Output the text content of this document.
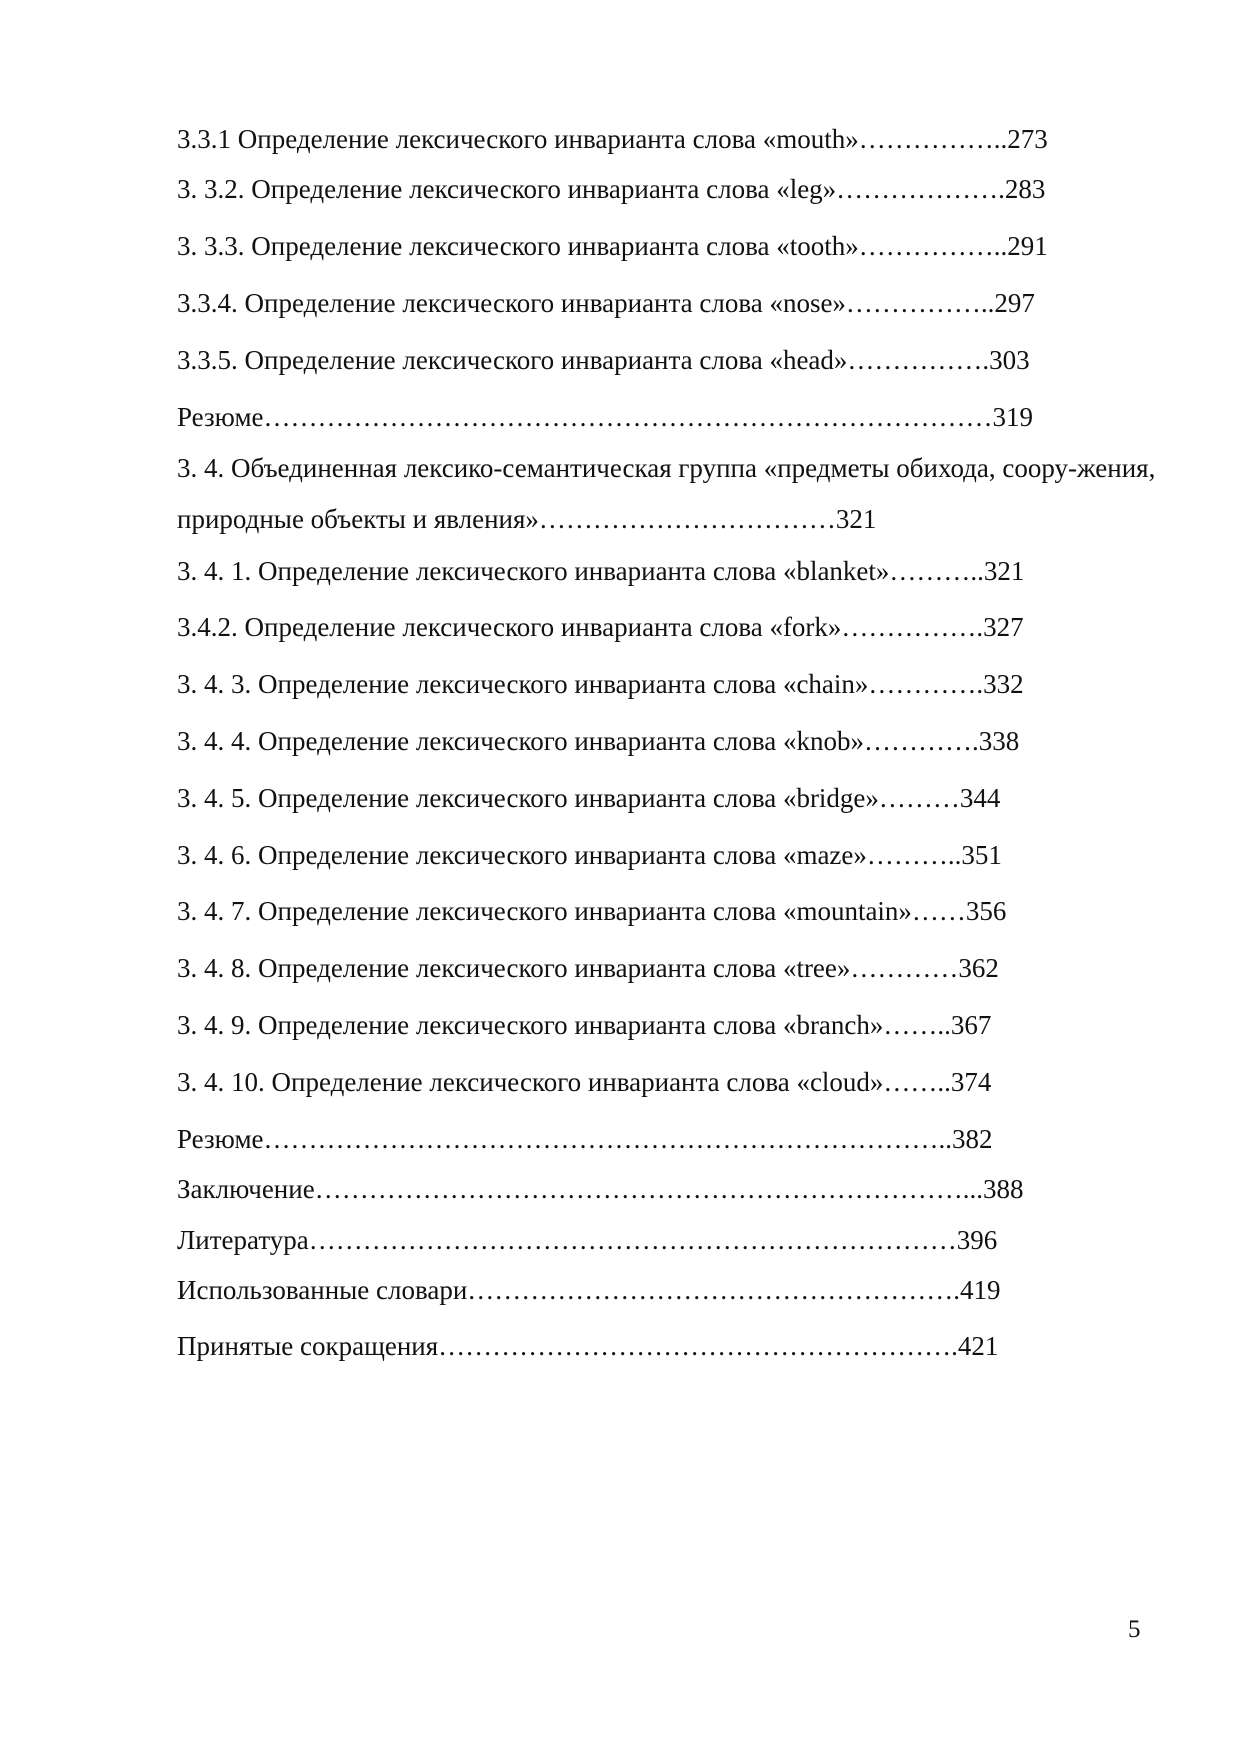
3.3.1 Определение лексического инварианта слова «mouth»……………..273
3. 3.2. Определение лексического инварианта слова «leg»……………….283
3. 3.3. Определение лексического инварианта слова «tooth»……………..291
3.3.4. Определение лексического инварианта слова «nose»……………..297
3.3.5. Определение лексического инварианта слова «head»…………….303
Резюме………………………………………………………………………319
3. 4. Объединенная лексико-семантическая группа «предметы обихода, соору-жения, природные объекты и явления»……………………………321
3. 4. 1. Определение лексического инварианта слова «blanket»………..321
3.4.2. Определение лексического инварианта слова «fork»…………….327
3. 4. 3. Определение лексического инварианта слова «chain»………….332
3. 4. 4. Определение лексического инварианта слова «knob»………….338
3. 4. 5. Определение лексического инварианта слова «bridge»………344
3. 4. 6. Определение лексического инварианта слова «maze»………..351
3. 4. 7. Определение лексического инварианта слова «mountain»……356
3. 4. 8. Определение лексического инварианта слова «tree»…………362
3. 4. 9. Определение лексического инварианта слова «branch»……..367
3. 4. 10. Определение лексического инварианта слова «cloud»……..374
Резюме…………………………………………………………………..382
Заключение………………………………………………………………...388
Литература………………………………………………………………396
Использованные словари……………………………………………….419
Принятые сокращения………………………………………………….421
5
